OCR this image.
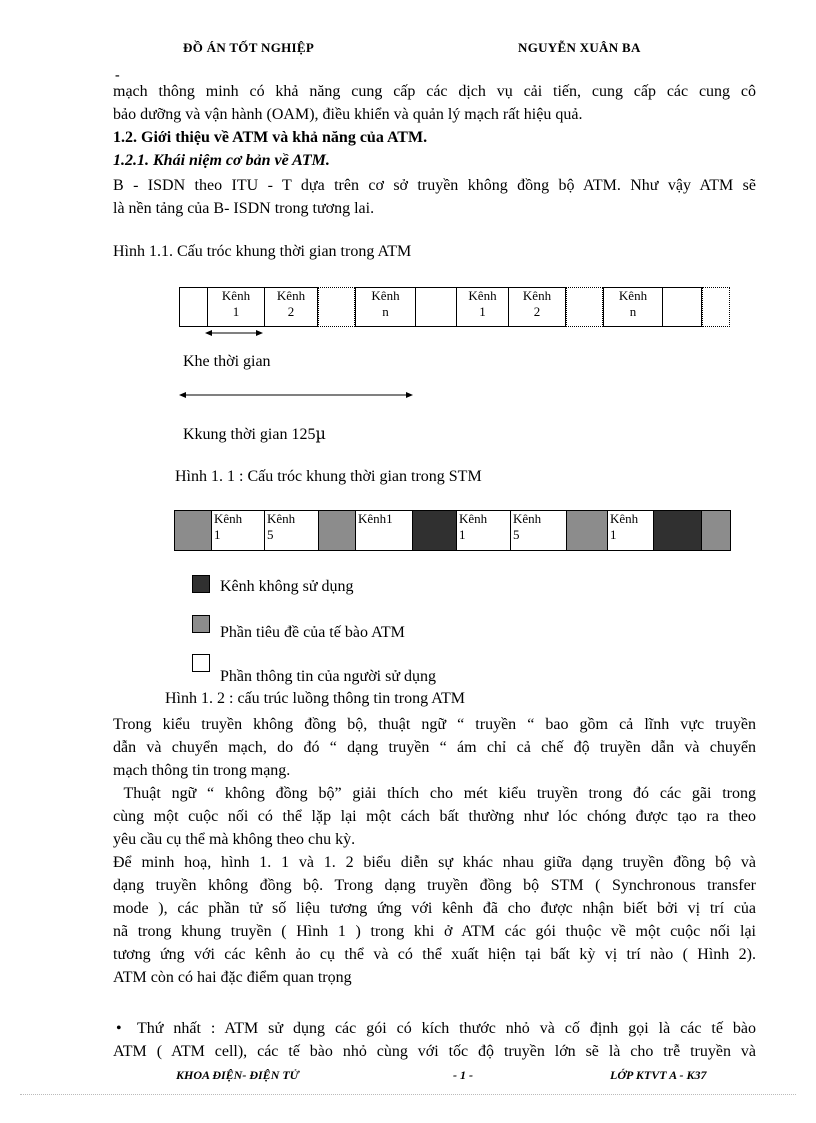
ĐỒ ÁN TỐT NGHIỆP	NGUYỄN XUÂN BA
-
mạch thông minh có khả năng cung cấp các dịch vụ cải tiến, cung cấp các cung cô
bảo dưỡng và vận hành (OAM), điều khiển và quản lý mạch rất hiệu quả.
1.2. Giới thiệu về ATM và khả năng của ATM.
1.2.1. Khái niệm cơ bản về ATM.
B - ISDN theo ITU - T dựa trên cơ sở truyền không đồng bộ ATM. Như vậy ATM sẽ
là nền tảng của B- ISDN trong tương lai.
Hình 1.1. Cấu tróc khung thời gian trong ATM
Kênh
1
Kênh
2
Kênh
n
Kênh
1
Kênh
2
Kênh
n
Khe thời gian
Kkung thời gian 125µ
Hình 1. 1 : Cấu tróc khung thời gian trong STM
Kênh
1
Kênh
5
Kênh1	Kênh
1
Kênh
5
Kênh
1
Kênh không sử dụng
Phần tiêu đề của tế bào ATM
Phần thông tin của người sử dụng
Hình 1. 2 : cấu trúc luồng thông tin trong ATM
Trong kiểu truyền không đồng bộ, thuật ngữ “ truyền “ bao gồm cả lĩnh vực truyền
dẫn và chuyển mạch, do đó “ dạng truyền “ ám chỉ cả chế độ truyền dẫn và chuyển
mạch thông tin trong mạng.
Thuật ngữ “ không đồng bộ” giải thích cho mét kiểu truyền trong đó các gãi trong
cùng một cuộc nối có thể lặp lại một cách bất thường như lóc chóng được tạo ra theo
yêu cầu cụ thể mà không theo chu kỳ.
Để minh hoạ, hình 1. 1 và 1. 2 biểu diễn sự khác nhau giữa dạng truyền đồng bộ và
dạng truyền không đồng bộ. Trong dạng truyền đồng bộ STM ( Synchronous transfer
mode ), các phần tử số liệu tương ứng với kênh đã cho được nhận biết bởi vị trí của
nã trong khung truyền ( Hình 1 ) trong khi ở ATM các gói thuộc về một cuộc nối lại
tương ứng với các kênh ảo cụ thể và có thể xuất hiện tại bất kỳ vị trí nào ( Hình 2).
ATM còn có hai đặc điểm quan trọng
• Thứ nhất : ATM sử dụng các gói có kích thước nhỏ và cố định gọi là các tế bào
ATM ( ATM cell), các tế bào nhỏ cùng với tốc độ truyền lớn sẽ là cho trễ truyền và
KHOA ĐIỆN- ĐIỆN TỬ	- 1 -	LỚP KTVT A - K37
